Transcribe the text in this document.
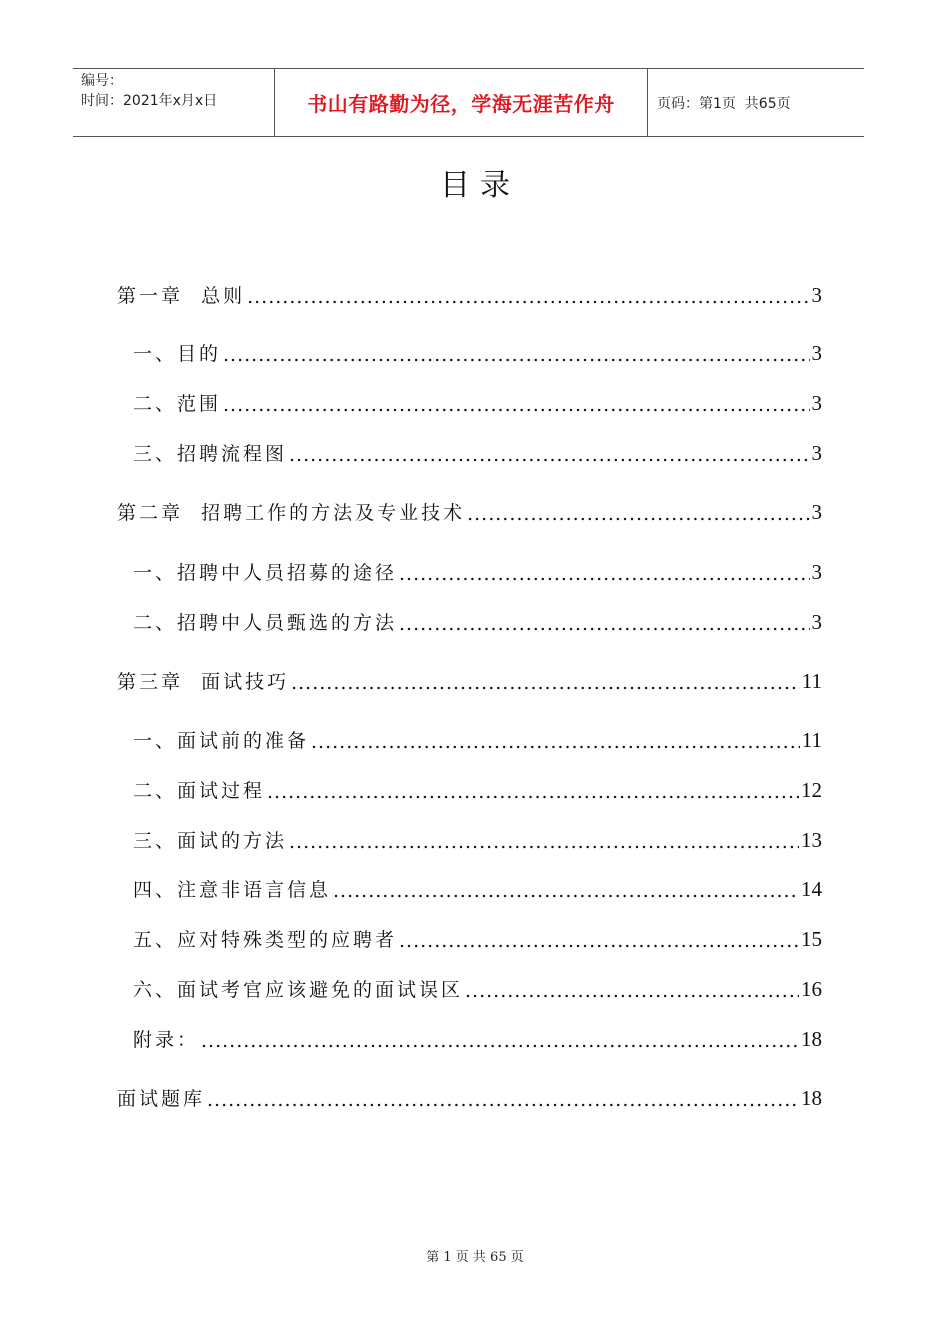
编号：
时间：2021年x月x日	书山有路勤为径，学海无涯苦作舟	页码：第1页  共65页
目录
第一章  总则 .....	3
一、目的 .....	3
二、范围 .....	3
三、招聘流程图 .....	3
第二章  招聘工作的方法及专业技术 .....	3
一、招聘中人员招募的途径 .....	3
二、招聘中人员甄选的方法 .....	3
第三章  面试技巧 .....	11
一、面试前的准备 .....	11
二、面试过程 .....	12
三、面试的方法 .....	13
四、注意非语言信息 .....	14
五、应对特殊类型的应聘者 .....	15
六、面试考官应该避免的面试误区 .....	16
附录： .....	18
面试题库 .....	18
第 1 页 共 65 页
